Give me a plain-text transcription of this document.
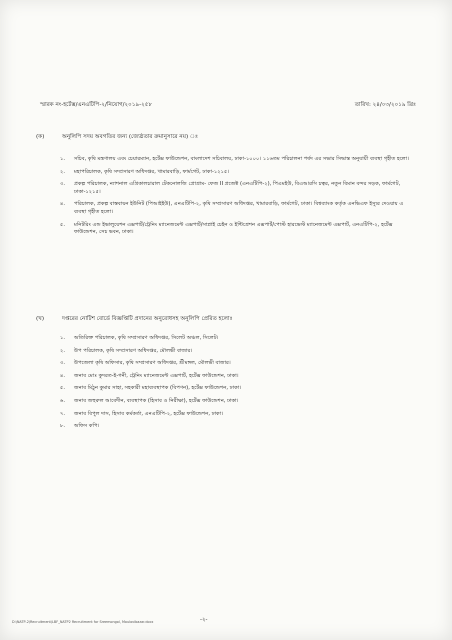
স্মারক নং-হর্টেক্স/এনএটিপি-২/নিয়োগ/২০১৯-২৫৮	তারিখ: ২৪/০৩/২০১৯ খ্রিঃ
(ক)	অনুলিপি সদয় অবগতির জন্য (জ্যেষ্ঠতার ক্রমানুসারে নয়) ঃ
১.	সচিব, কৃষি মন্ত্রণালয় এবং চেয়ারম্যান, হর্টেক্স ফাউন্ডেশন, বাংলাদেশ সচিবালয়, ঢাকা-১০০০। ১১৬তম পরিচালনা পর্ষদ এর সভার সিদ্ধান্ত অনুযায়ী ব্যবস্থা গৃহীত হলো।
২.	মহাপরিচালক, কৃষি সম্প্রসারণ অধিদপ্তর, খামারবাড়ি, ফার্মগেট, ঢাকা-১২১৫।
৩.	প্রকল্প পরিচালক, ন্যাশনাল এগ্রিকালচারাল টেকনোলজি প্রোগ্রাম- ফেজ II প্রজেক্ট (এনএটিপি-২), পিএমইউ, বিএআরসি চত্বর, নতুন বিমান বন্দর সড়ক, ফার্মগেট, ঢাকা-১২১৫।
৪.	পরিচালক, প্রকল্প বাস্তবায়ন ইউনিট (পিআইইউ), এনএটিপি-২, কৃষি সম্প্রসারণ অধিদপ্তর, খামারবাড়ি, ফার্মগেট, ঢাকা। বিশ্বব্যাংক কর্তৃক এনভিএফ ইস্যুর দেওয়ায় এ ব্যবস্থা গৃহীত হলো।
৫.	মনিটরিং এন্ড ইভালুয়েশন এক্সপার্ট/ট্রেনিং ম্যানেজমেন্ট এক্সপার্ট/সাপ্লাই চেইন ও ইন্টিগ্রেশন এক্সপার্ট/পোস্ট হারভেস্ট ম্যানেজমেন্ট এক্সপার্ট, এনএটিপি-২, হর্টেক্স ফাউন্ডেশন, সেচ ভবন, ঢাকা।
(খ)	দপ্তরের নোটিশ বোর্ডে বিজ্ঞপ্তিটি প্রদানের অনুরোধসহ অনুলিপি প্রেরিত হলোঃ
১.	অতিরিক্ত পরিচালক, কৃষি সম্প্রসারণ অধিদপ্তর, সিলেট অঞ্চল, সিলেট।
২.	উপ পরিচালক, কৃষি সম্প্রসারণ অধিদপ্তর, মৌলভী বাজার।
৩.	উপজেলা কৃষি অফিসার, কৃষি সম্প্রসারণ অধিদপ্তর, শ্রীমঙ্গল, মৌলভী বাজার।
৪.	জনাব মোঃ কুদরত-ই-গনী, ট্রেনিং ম্যানেজমেন্ট এক্সপার্ট, হর্টেক্স ফাউন্ডেশন, ঢাকা।
৫.	জনাব মিঠুন কুমার সাহা, সহকারী মহাব্যবস্থাপক (বিপণন), হর্টেক্স ফাউন্ডেশন, ঢাকা।
৬.	জনাব জহুরুল আবেদীন, ব্যবস্থাপক (হিসাব ও নিরীক্ষা), হর্টেক্স ফাউন্ডেশন, ঢাকা।
৭.	জনাব বিপুল দাস, হিসাব কর্মকর্তা, এনএটিপি-২, হর্টেক্স ফাউন্ডেশন, ঢাকা।
৮.	অফিস কপি।
D:\NATP-2\Recruitment\LBF_NATP2 Recruitment for Sreemongol, Moulovibazar.docx	-২-
